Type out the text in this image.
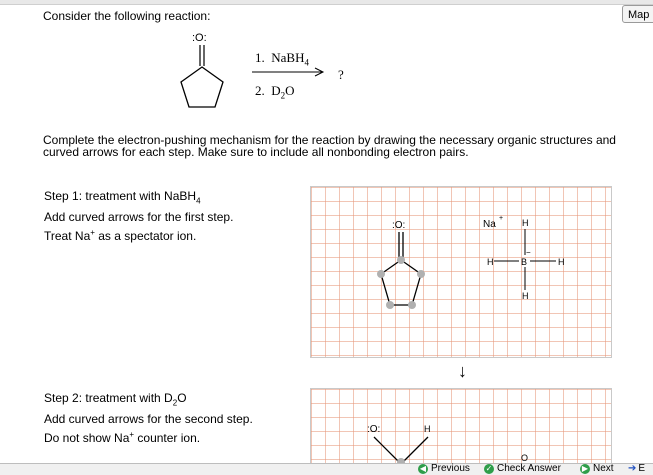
Consider the following reaction:	Map
:O:
1. NaBH$_4$
?
2. $D_2O$
Complete the electron-pushing mechanism for the reaction by drawing the necessary organic structures and curved arrows for each step. Make sure to include all nonbonding electron pairs.
Step 1: treatment with NaBH$_4$
Add curved arrows for the first step.
Treat Na+ as a spectator ion.
:O:	Na
+ H
H	B
−
H
H
↓
Step 2: treatment with $D_2O$
Add curved arrows for the second step.
Do not show Na+ counter ion.
:O:	H
O
◀ Previous ✓ Check Answer	▶ Next ➔ E
